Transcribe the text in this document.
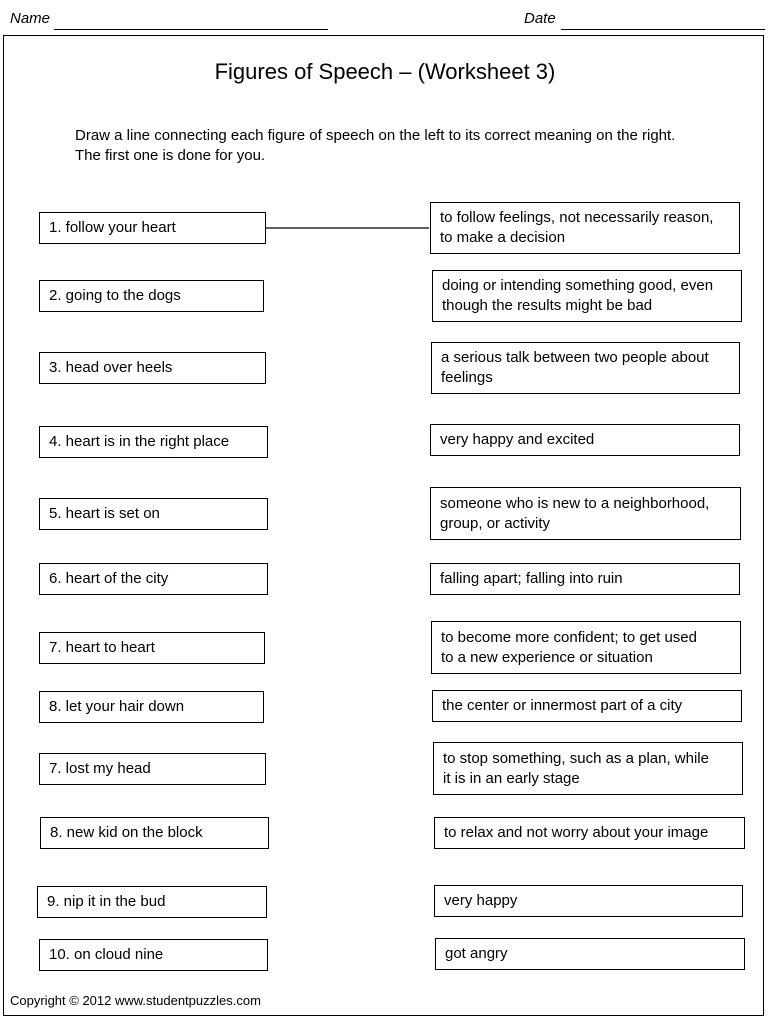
Name	Date
Figures of Speech – (Worksheet 3)
Draw a line connecting each figure of speech on the left to its correct meaning on the right.
The first one is done for you.
1. follow your heart
2. going to the dogs
3. head over heels
4. heart is in the right place
5. heart is set on
6. heart of the city
7. heart to heart
8. let your hair down
7. lost my head
8. new kid on the block
9. nip it in the bud
10. on cloud nine
to follow feelings, not necessarily reason,
to make a decision
doing or intending something good, even
though the results might be bad
a serious talk between two people about
feelings
very happy and excited
someone who is new to a neighborhood,
group, or activity
falling apart; falling into ruin
to become more confident; to get used
to a new experience or situation
the center or innermost part of a city
to stop something, such as a plan, while
it is in an early stage
to relax and not worry about your image
very happy
got angry
Copyright © 2012 www.studentpuzzles.com
